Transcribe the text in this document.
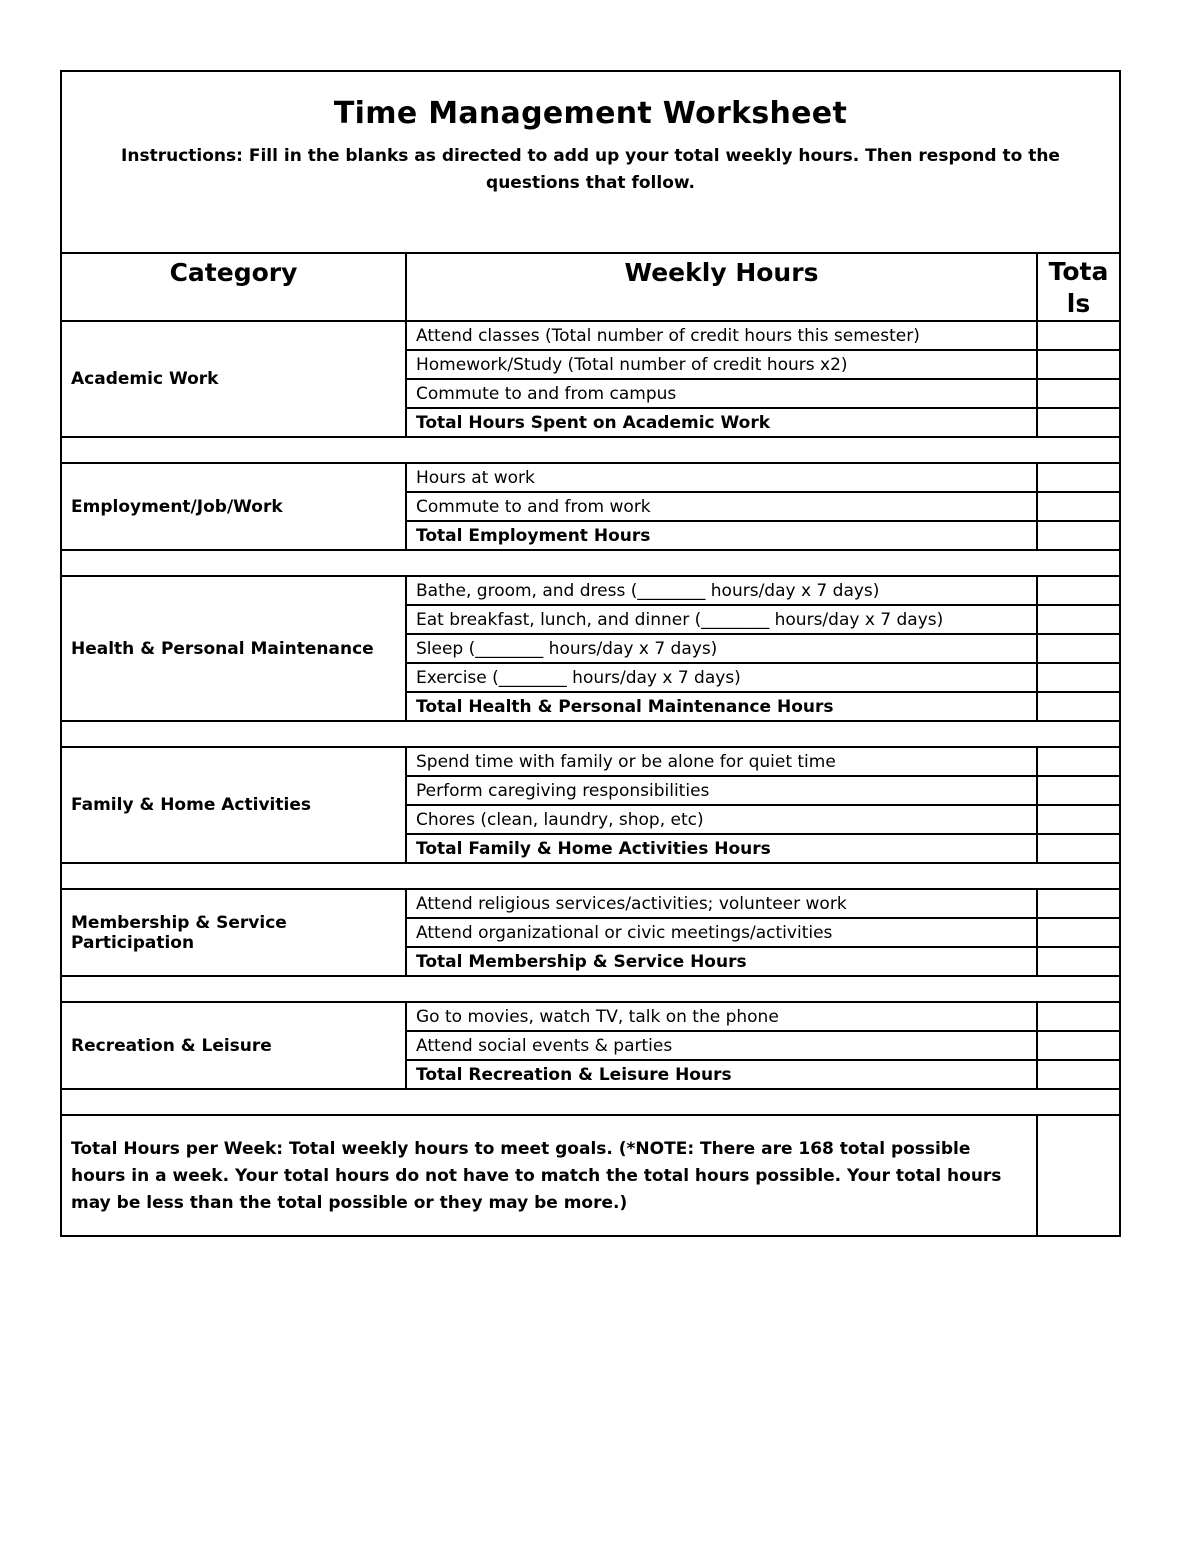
Time Management Worksheet
Instructions: Fill in the blanks as directed to add up your total weekly hours. Then respond to the questions that follow.		

Category	Weekly Hours	Tota
ls

Academic Work	Attend classes (Total number of credit hours this semester)	
	Homework/Study (Total number of credit hours x2)	
	Commute to and from campus	
	Total Hours Spent on Academic Work	

Employment/Job/Work	Hours at work	
	Commute to and from work	
	Total Employment Hours	

Health & Personal Maintenance	Bathe, groom, and dress (________ hours/day x 7 days)	
	Eat breakfast, lunch, and dinner (________ hours/day x 7 days)	
	Sleep (________ hours/day x 7 days)	
	Exercise (________ hours/day x 7 days)	
	Total Health & Personal Maintenance Hours	

Family & Home Activities	Spend time with family or be alone for quiet time	
	Perform caregiving responsibilities	
	Chores (clean, laundry, shop, etc)	
	Total Family & Home Activities Hours	

Membership & Service Participation	Attend religious services/activities; volunteer work	
	Attend organizational or civic meetings/activities	
	Total Membership & Service Hours	

Recreation & Leisure	Go to movies, watch TV, talk on the phone	
	Attend social events & parties	
	Total Recreation & Leisure Hours	

Total Hours per Week: Total weekly hours to meet goals. (*NOTE: There are 168 total possible hours in a week. Your total hours do not have to match the total hours possible. Your total hours may be less than the total possible or they may be more.)		
